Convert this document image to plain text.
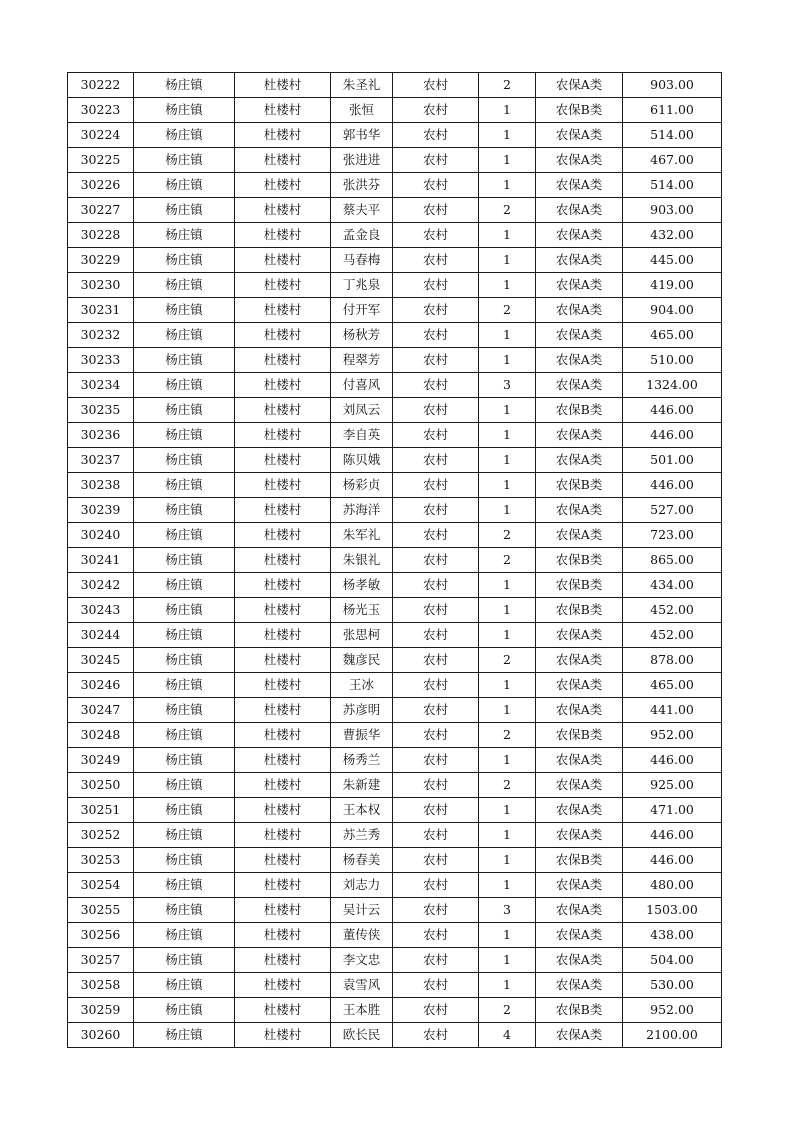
30222	杨庄镇	杜楼村	朱圣礼	农村	2	农保A类	903.00
30223	杨庄镇	杜楼村	张恒	农村	1	农保B类	611.00
30224	杨庄镇	杜楼村	郭书华	农村	1	农保A类	514.00
30225	杨庄镇	杜楼村	张进进	农村	1	农保A类	467.00
30226	杨庄镇	杜楼村	张洪芬	农村	1	农保A类	514.00
30227	杨庄镇	杜楼村	蔡夫平	农村	2	农保A类	903.00
30228	杨庄镇	杜楼村	孟金良	农村	1	农保A类	432.00
30229	杨庄镇	杜楼村	马春梅	农村	1	农保A类	445.00
30230	杨庄镇	杜楼村	丁兆泉	农村	1	农保A类	419.00
30231	杨庄镇	杜楼村	付开军	农村	2	农保A类	904.00
30232	杨庄镇	杜楼村	杨秋芳	农村	1	农保A类	465.00
30233	杨庄镇	杜楼村	程翠芳	农村	1	农保A类	510.00
30234	杨庄镇	杜楼村	付喜风	农村	3	农保A类	1324.00
30235	杨庄镇	杜楼村	刘凤云	农村	1	农保B类	446.00
30236	杨庄镇	杜楼村	李自英	农村	1	农保A类	446.00
30237	杨庄镇	杜楼村	陈贝娥	农村	1	农保A类	501.00
30238	杨庄镇	杜楼村	杨彩贞	农村	1	农保B类	446.00
30239	杨庄镇	杜楼村	苏海洋	农村	1	农保A类	527.00
30240	杨庄镇	杜楼村	朱军礼	农村	2	农保A类	723.00
30241	杨庄镇	杜楼村	朱银礼	农村	2	农保B类	865.00
30242	杨庄镇	杜楼村	杨孝敏	农村	1	农保B类	434.00
30243	杨庄镇	杜楼村	杨光玉	农村	1	农保B类	452.00
30244	杨庄镇	杜楼村	张思柯	农村	1	农保A类	452.00
30245	杨庄镇	杜楼村	魏彦民	农村	2	农保A类	878.00
30246	杨庄镇	杜楼村	王冰	农村	1	农保A类	465.00
30247	杨庄镇	杜楼村	苏彦明	农村	1	农保A类	441.00
30248	杨庄镇	杜楼村	曹振华	农村	2	农保B类	952.00
30249	杨庄镇	杜楼村	杨秀兰	农村	1	农保A类	446.00
30250	杨庄镇	杜楼村	朱新建	农村	2	农保A类	925.00
30251	杨庄镇	杜楼村	王本权	农村	1	农保A类	471.00
30252	杨庄镇	杜楼村	苏兰秀	农村	1	农保A类	446.00
30253	杨庄镇	杜楼村	杨春美	农村	1	农保B类	446.00
30254	杨庄镇	杜楼村	刘志力	农村	1	农保A类	480.00
30255	杨庄镇	杜楼村	吴计云	农村	3	农保A类	1503.00
30256	杨庄镇	杜楼村	董传侠	农村	1	农保A类	438.00
30257	杨庄镇	杜楼村	李文忠	农村	1	农保A类	504.00
30258	杨庄镇	杜楼村	袁雪风	农村	1	农保A类	530.00
30259	杨庄镇	杜楼村	王本胜	农村	2	农保B类	952.00
30260	杨庄镇	杜楼村	欧长民	农村	4	农保A类	2100.00
